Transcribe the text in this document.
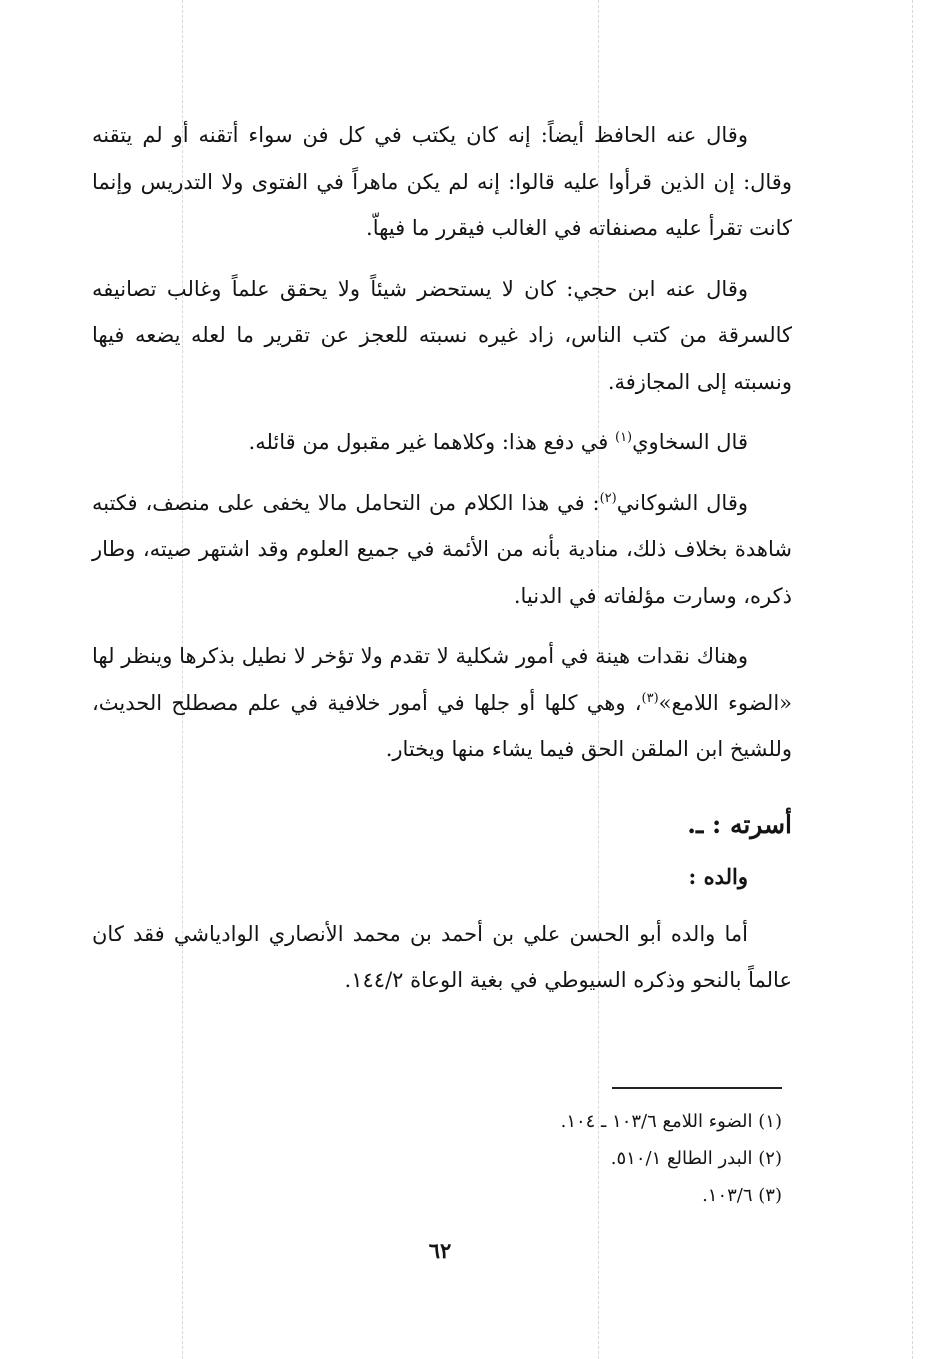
وقال عنه الحافظ أيضاً: إنه كان يكتب في كل فن سواء أتقنه أو لم يتقنه وقال: إن الذين قرأوا عليه قالوا: إنه لم يكن ماهراً في الفتوى ولا التدريس وإنما كانت تقرأ عليه مصنفاته في الغالب فيقرر ما فيهاّ.

وقال عنه ابن حجي: كان لا يستحضر شيئاً ولا يحقق علماً وغالب تصانيفه كالسرقة من كتب الناس، زاد غيره نسبته للعجز عن تقرير ما لعله يضعه فيها ونسبته إلى المجازفة.

قال السخاوي$^{(١)}$ في دفع هذا: وكلاهما غير مقبول من قائله.

وقال الشوكاني$^{(٢)}$: في هذا الكلام من التحامل مالا يخفى على منصف، فكتبه شاهدة بخلاف ذلك، منادية بأنه من الأئمة في جميع العلوم وقد اشتهر صيته، وطار ذكره، وسارت مؤلفاته في الدنيا.

وهناك نقدات هينة في أمور شكلية لا تقدم ولا تؤخر لا نطيل بذكرها وينظر لها «الضوء اللامع»$^{(٣)}$، وهي كلها أو جلها في أمور خلافية في علم مصطلح الحديث، وللشيخ ابن الملقن الحق فيما يشاء منها ويختار.

أسرته : ـ.
والده :

أما والده أبو الحسن علي بن أحمد بن محمد الأنصاري الوادياشي فقد كان عالماً بالنحو وذكره السيوطي في بغية الوعاة ١٤٤/٢.

(١) الضوء اللامع ١٠٣/٦ ـ ١٠٤.
(٢) البدر الطالع ٥١٠/١.
(٣) ١٠٣/٦.
٦٢
